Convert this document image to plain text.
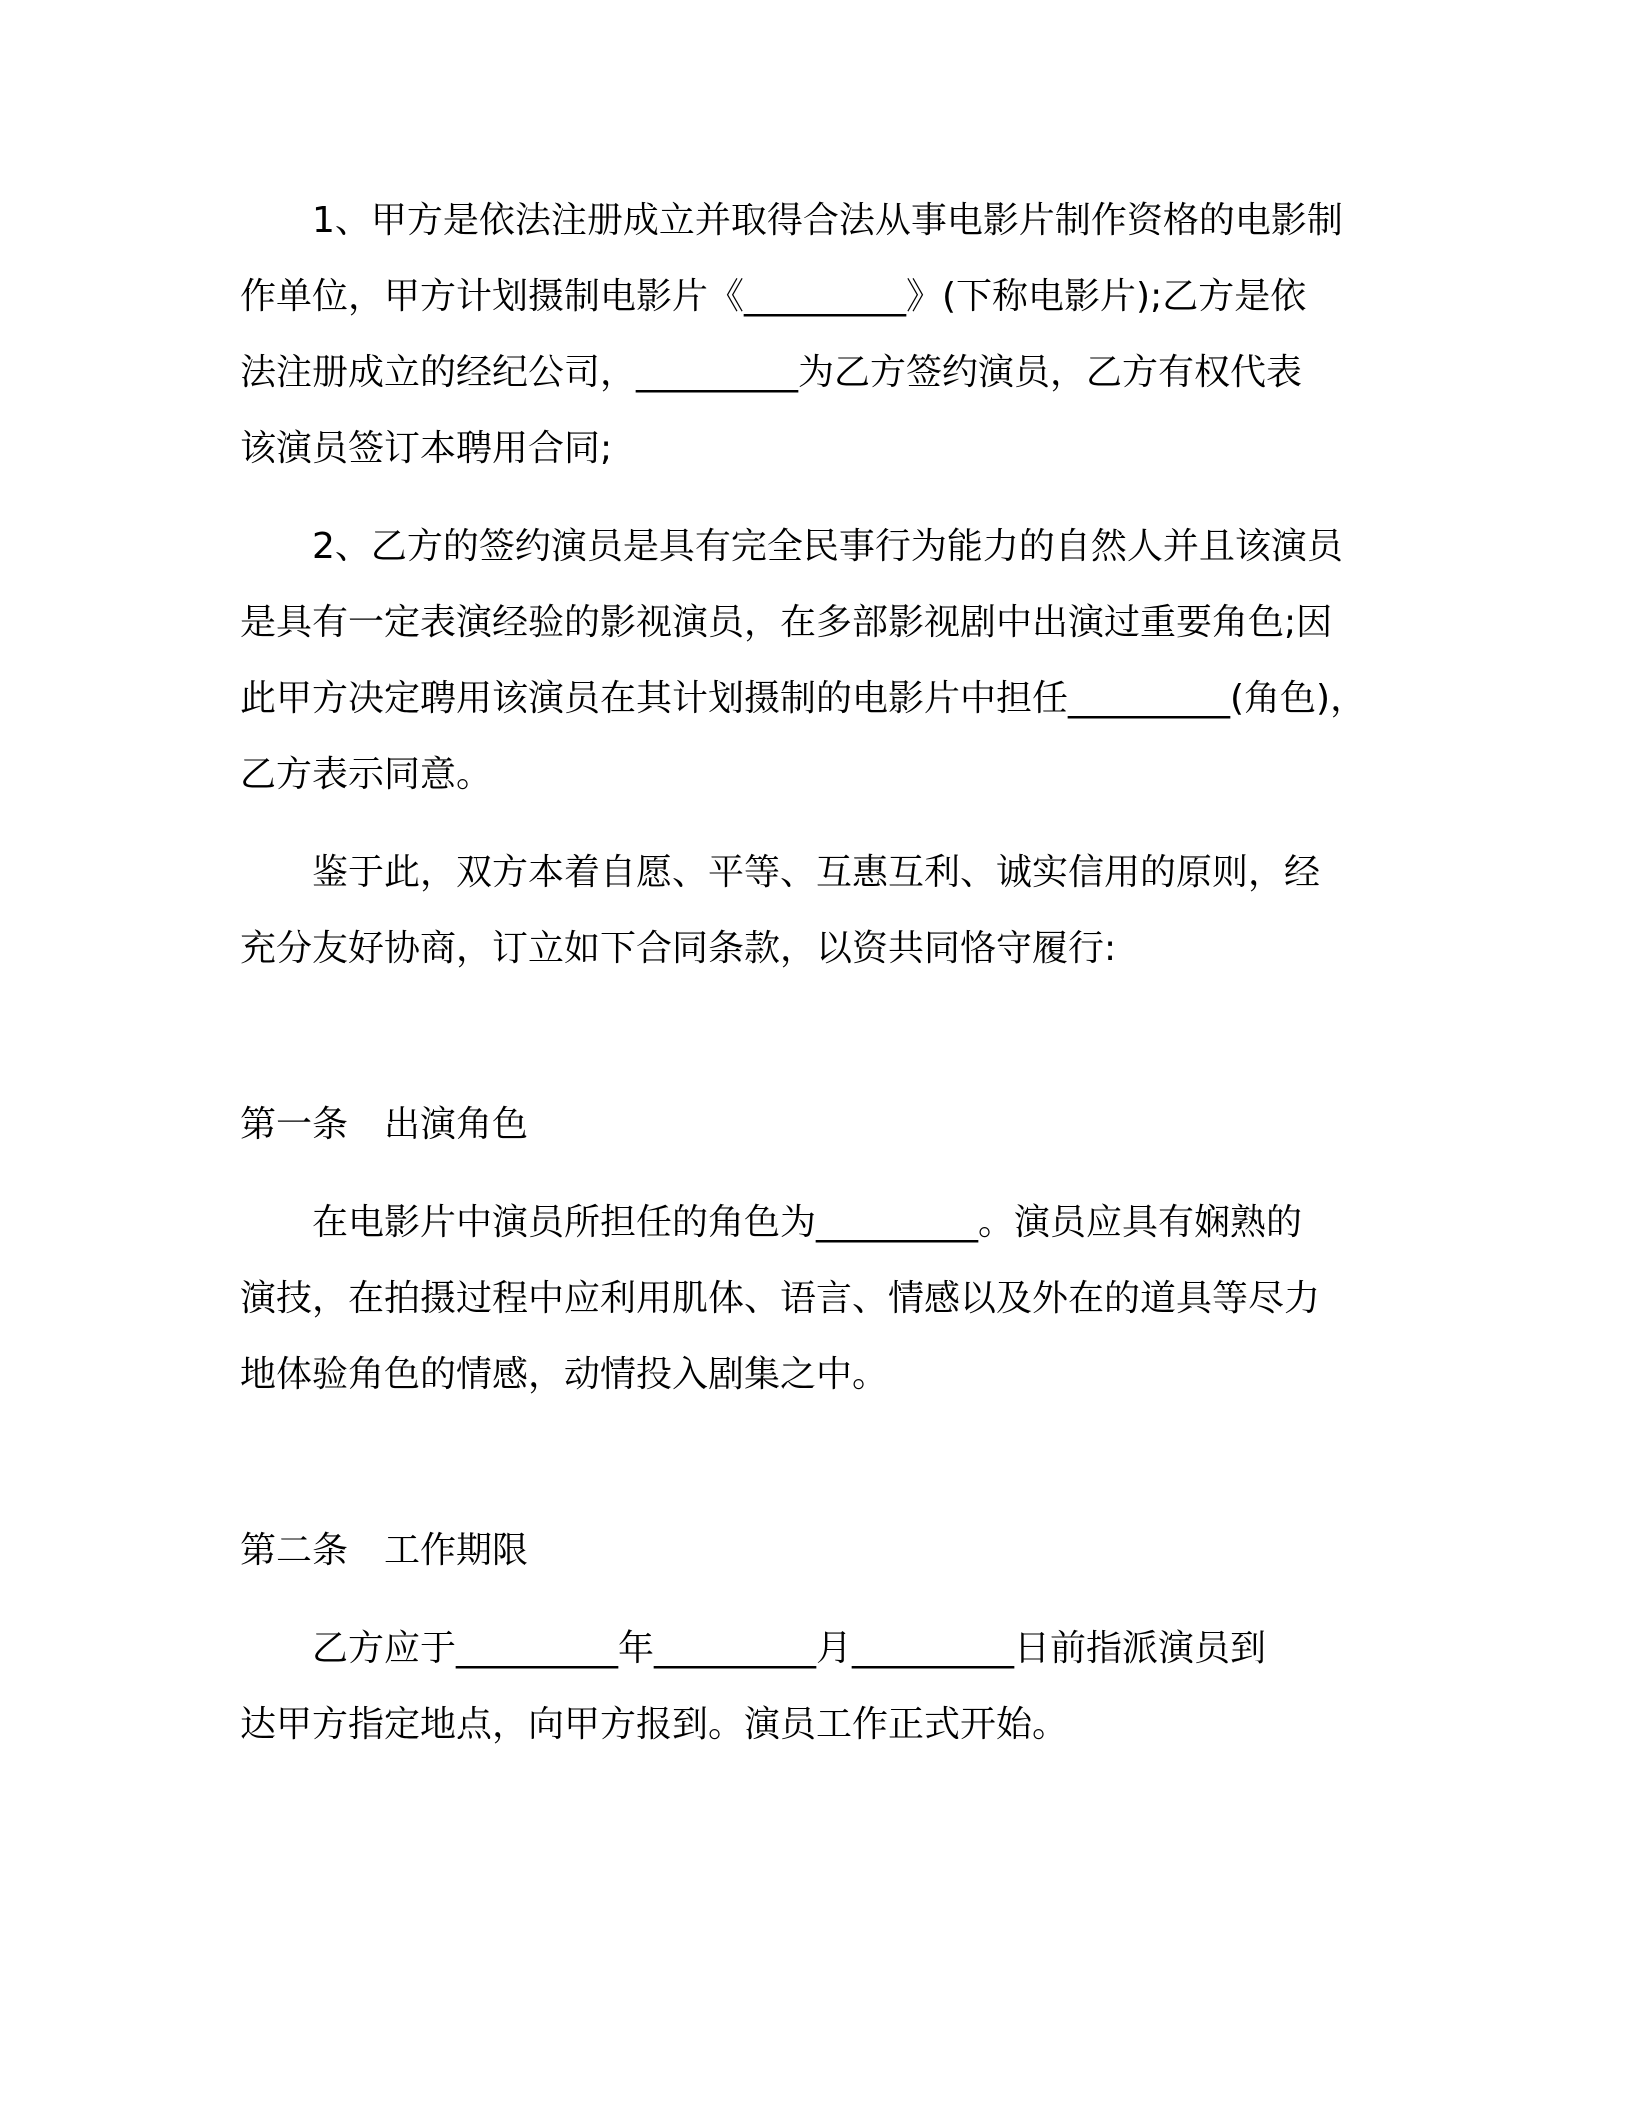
1、甲方是依法注册成立并取得合法从事电影片制作资格的电影制
作单位，甲方计划摄制电影片《_________》(下称电影片);乙方是依
法注册成立的经纪公司，_________为乙方签约演员，乙方有权代表
该演员签订本聘用合同;
2、乙方的签约演员是具有完全民事行为能力的自然人并且该演员
是具有一定表演经验的影视演员，在多部影视剧中出演过重要角色;因
此甲方决定聘用该演员在其计划摄制的电影片中担任_________(角色)，
乙方表示同意。
鉴于此，双方本着自愿、平等、互惠互利、诚实信用的原则，经
充分友好协商，订立如下合同条款，以资共同恪守履行:
第一条　出演角色
在电影片中演员所担任的角色为_________。演员应具有娴熟的
演技，在拍摄过程中应利用肌体、语言、情感以及外在的道具等尽力
地体验角色的情感，动情投入剧集之中。
第二条　工作期限
乙方应于_________年_________月_________日前指派演员到
达甲方指定地点，向甲方报到。演员工作正式开始。
